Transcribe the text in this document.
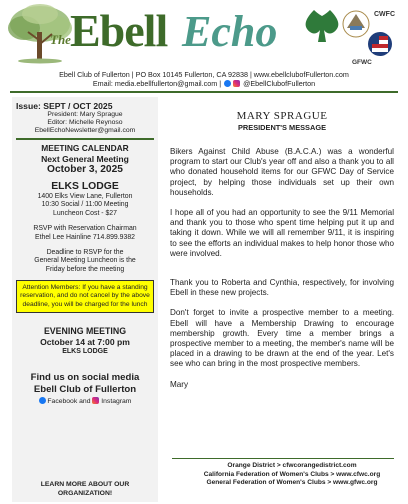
The Ebell Echo	CWFC
GFWC
Ebell Club of Fullerton | PO Box 10145 Fullerton, CA 92838 | www.ebellclubofFullerton.com
Email: media.ebellfullerton@gmail.com |	@EbellClubofFullerton
Issue: SEPT / OCT 2025
President: Mary Sprague
Editor: Michelle Reynoso
EbellEchoNewsletter@gmail.com
MEETING CALENDAR
Next General Meeting
October 3, 2025
ELKS LODGE
1400 Elks View Lane, Fullerton
10:30 Social / 11:00 Meeting
Luncheon Cost - $27
RSVP with Reservation Chairman
Ethel Lee Hainline 714.899.9382
Deadline to RSVP for the
General Meeting Luncheon is the
Friday before the meeting
Attention Members: If you have a standing reservation, and do not cancel by the above deadline, you will be charged for the lunch
EVENING MEETING
October 14 at 7:00 pm
ELKS LODGE
Find us on social media
Ebell Club of Fullerton
Facebook and Instagram
LEARN MORE ABOUT OUR
ORGANIZATION!
MARY SPRAGUE
PRESIDENT'S MESSAGE

Bikers Against Child Abuse (B.A.C.A.) was a wonderful program to start our Club's year off and also a thank you to all who donated household items for our GFWC Day of Service project, by helping those individuals set up their own households.

I hope all of you had an opportunity to see the 9/11 Memorial and thank you to those who spent time helping put it up and taking it down. While we will all remember 9/11, it is inspiring to see the efforts an individual makes to help honor those who were involved.

Thank you to Roberta and Cynthia, respectively, for involving Ebell in these new projects.

Don't forget to invite a prospective member to a meeting. Ebell will have a Membership Drawing to encourage membership growth. Every time a member brings a prospective member to a meeting, the member's name will be placed in a drawing to be drawn at the end of the year. Let's see who can bring in the most prospective members.

Mary

Orange District > cfwcorangedistrict.com
California Federation of Women's Clubs > www.cfwc.org
General Federation of Women's Clubs > www.gfwc.org
